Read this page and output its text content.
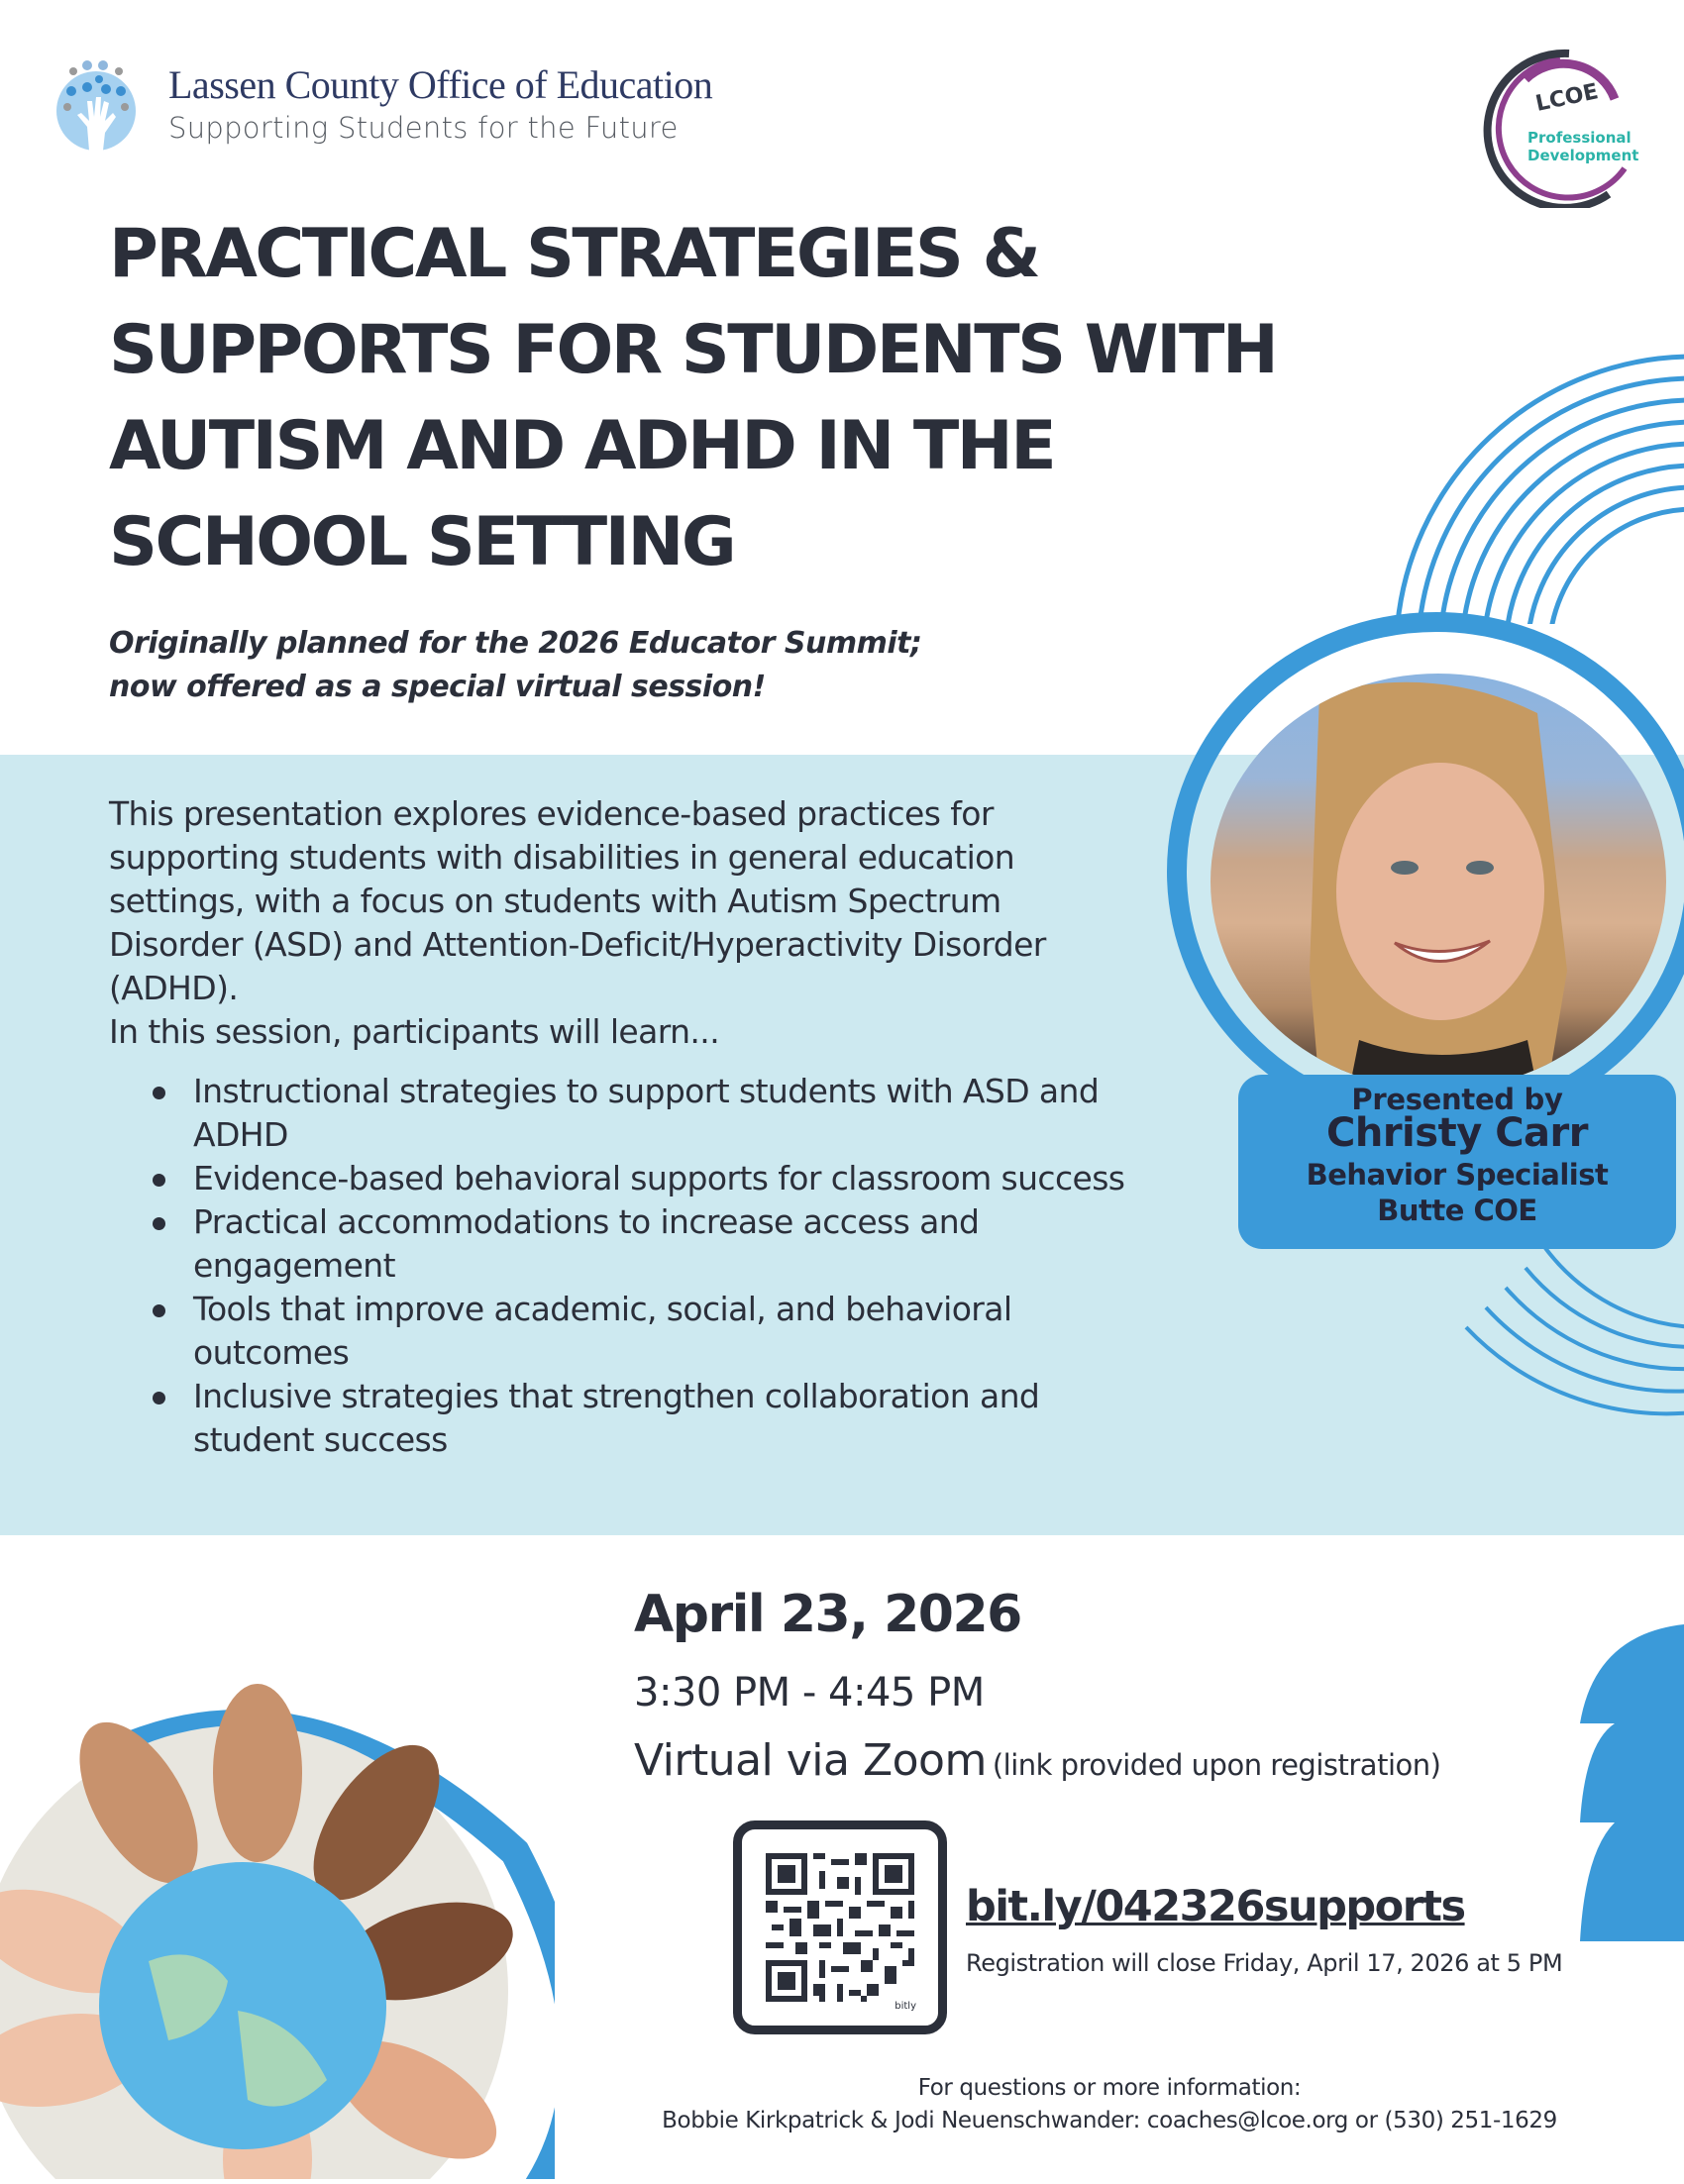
Lassen County Office of Education
Supporting Students for the Future
LCOE
Professional
Development
PRACTICAL STRATEGIES &
SUPPORTS FOR STUDENTS WITH
AUTISM AND ADHD IN THE
SCHOOL SETTING
Originally planned for the 2026 Educator Summit;
now offered as a special virtual session!
This presentation explores evidence-based practices for supporting students with disabilities in general education settings, with a focus on students with Autism Spectrum Disorder (ASD) and Attention-Deficit/Hyperactivity Disorder (ADHD).
In this session, participants will learn...
Instructional strategies to support students with ASD and ADHD
Evidence-based behavioral supports for classroom success
Practical accommodations to increase access and engagement
Tools that improve academic, social, and behavioral outcomes
Inclusive strategies that strengthen collaboration and student success
Presented by
Christy Carr
Behavior Specialist
Butte COE
April 23, 2026
3:30 PM - 4:45 PM
Virtual via Zoom (link provided upon registration)
bitly
bit.ly/042326supports
Registration will close Friday, April 17, 2026 at 5 PM
For questions or more information:
Bobbie Kirkpatrick & Jodi Neuenschwander: coaches@lcoe.org or (530) 251-1629
